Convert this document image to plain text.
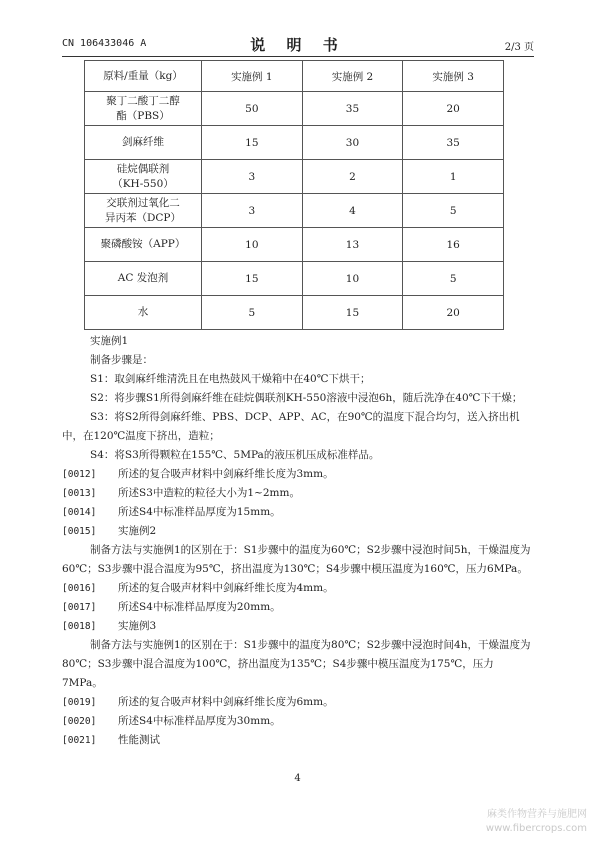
CN 106433046 A	说 明 书	2/3 页
原料/重量（kg）	实施例 1	实施例 2	实施例 3
聚丁二酸丁二醇
酯（PBS）	50	35	20
剑麻纤维	15	30	35
硅烷偶联剂
（KH-550）	3	2	1
交联剂过氧化二
异丙苯（DCP）	3	4	5
聚磷酸铵（APP）	10	13	16
AC 发泡剂	15	10	5
水	5	15	20

实施例1

制备步骤是：

S1：取剑麻纤维清洗且在电热鼓风干燥箱中在40℃下烘干；

S2：将步骤S1所得剑麻纤维在硅烷偶联剂KH-550溶液中浸泡6h，随后洗净在40℃下干燥；

S3：将S2所得剑麻纤维、PBS、DCP、APP、AC，在90℃的温度下混合均匀，送入挤出机中，在120℃温度下挤出，造粒；

S4：将S3所得颗粒在155℃、5MPa的液压机压成标准样品。

[0012] 所述的复合吸声材料中剑麻纤维长度为3mm。

[0013] 所述S3中造粒的粒径大小为1~2mm。

[0014] 所述S4中标准样品厚度为15mm。

[0015] 实施例2

制备方法与实施例1的区别在于：S1步骤中的温度为60℃；S2步骤中浸泡时间5h，干燥温度为60℃；S3步骤中混合温度为95℃，挤出温度为130℃；S4步骤中模压温度为160℃，压力6MPa。

[0016] 所述的复合吸声材料中剑麻纤维长度为4mm。

[0017] 所述S4中标准样品厚度为20mm。

[0018] 实施例3

制备方法与实施例1的区别在于：S1步骤中的温度为80℃；S2步骤中浸泡时间4h，干燥温度为80℃；S3步骤中混合温度为100℃，挤出温度为135℃；S4步骤中模压温度为175℃，压力7MPa。

[0019] 所述的复合吸声材料中剑麻纤维长度为6mm。

[0020] 所述S4中标准样品厚度为30mm。

[0021] 性能测试

4
麻类作物营养与施肥网
www.fibercrops.com
